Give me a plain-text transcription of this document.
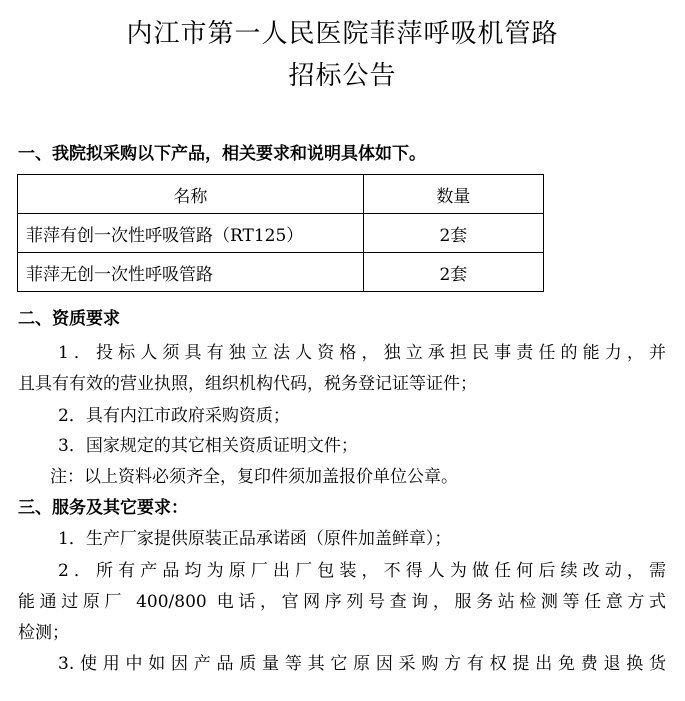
内江市第一人民医院菲萍呼吸机管路
招标公告
一、我院拟采购以下产品，相关要求和说明具体如下。
名称	数量
菲萍有创一次性呼吸管路（RT125）	2套
菲萍无创一次性呼吸管路	2套
二、资质要求
1．投标人须具有独立法人资格，独立承担民事责任的能力，并
且具有有效的营业执照，组织机构代码，税务登记证等证件；
2．具有内江市政府采购资质；
3．国家规定的其它相关资质证明文件；
注：以上资料必须齐全，复印件须加盖报价单位公章。
三、服务及其它要求：
1．生产厂家提供原装正品承诺函（原件加盖鲜章）；
2．所有产品均为原厂出厂包装，不得人为做任何后续改动，需
能通过原厂 400/800 电话，官网序列号查询，服务站检测等任意方式
检测；
3.使用中如因产品质量等其它原因采购方有权提出免费退换货
